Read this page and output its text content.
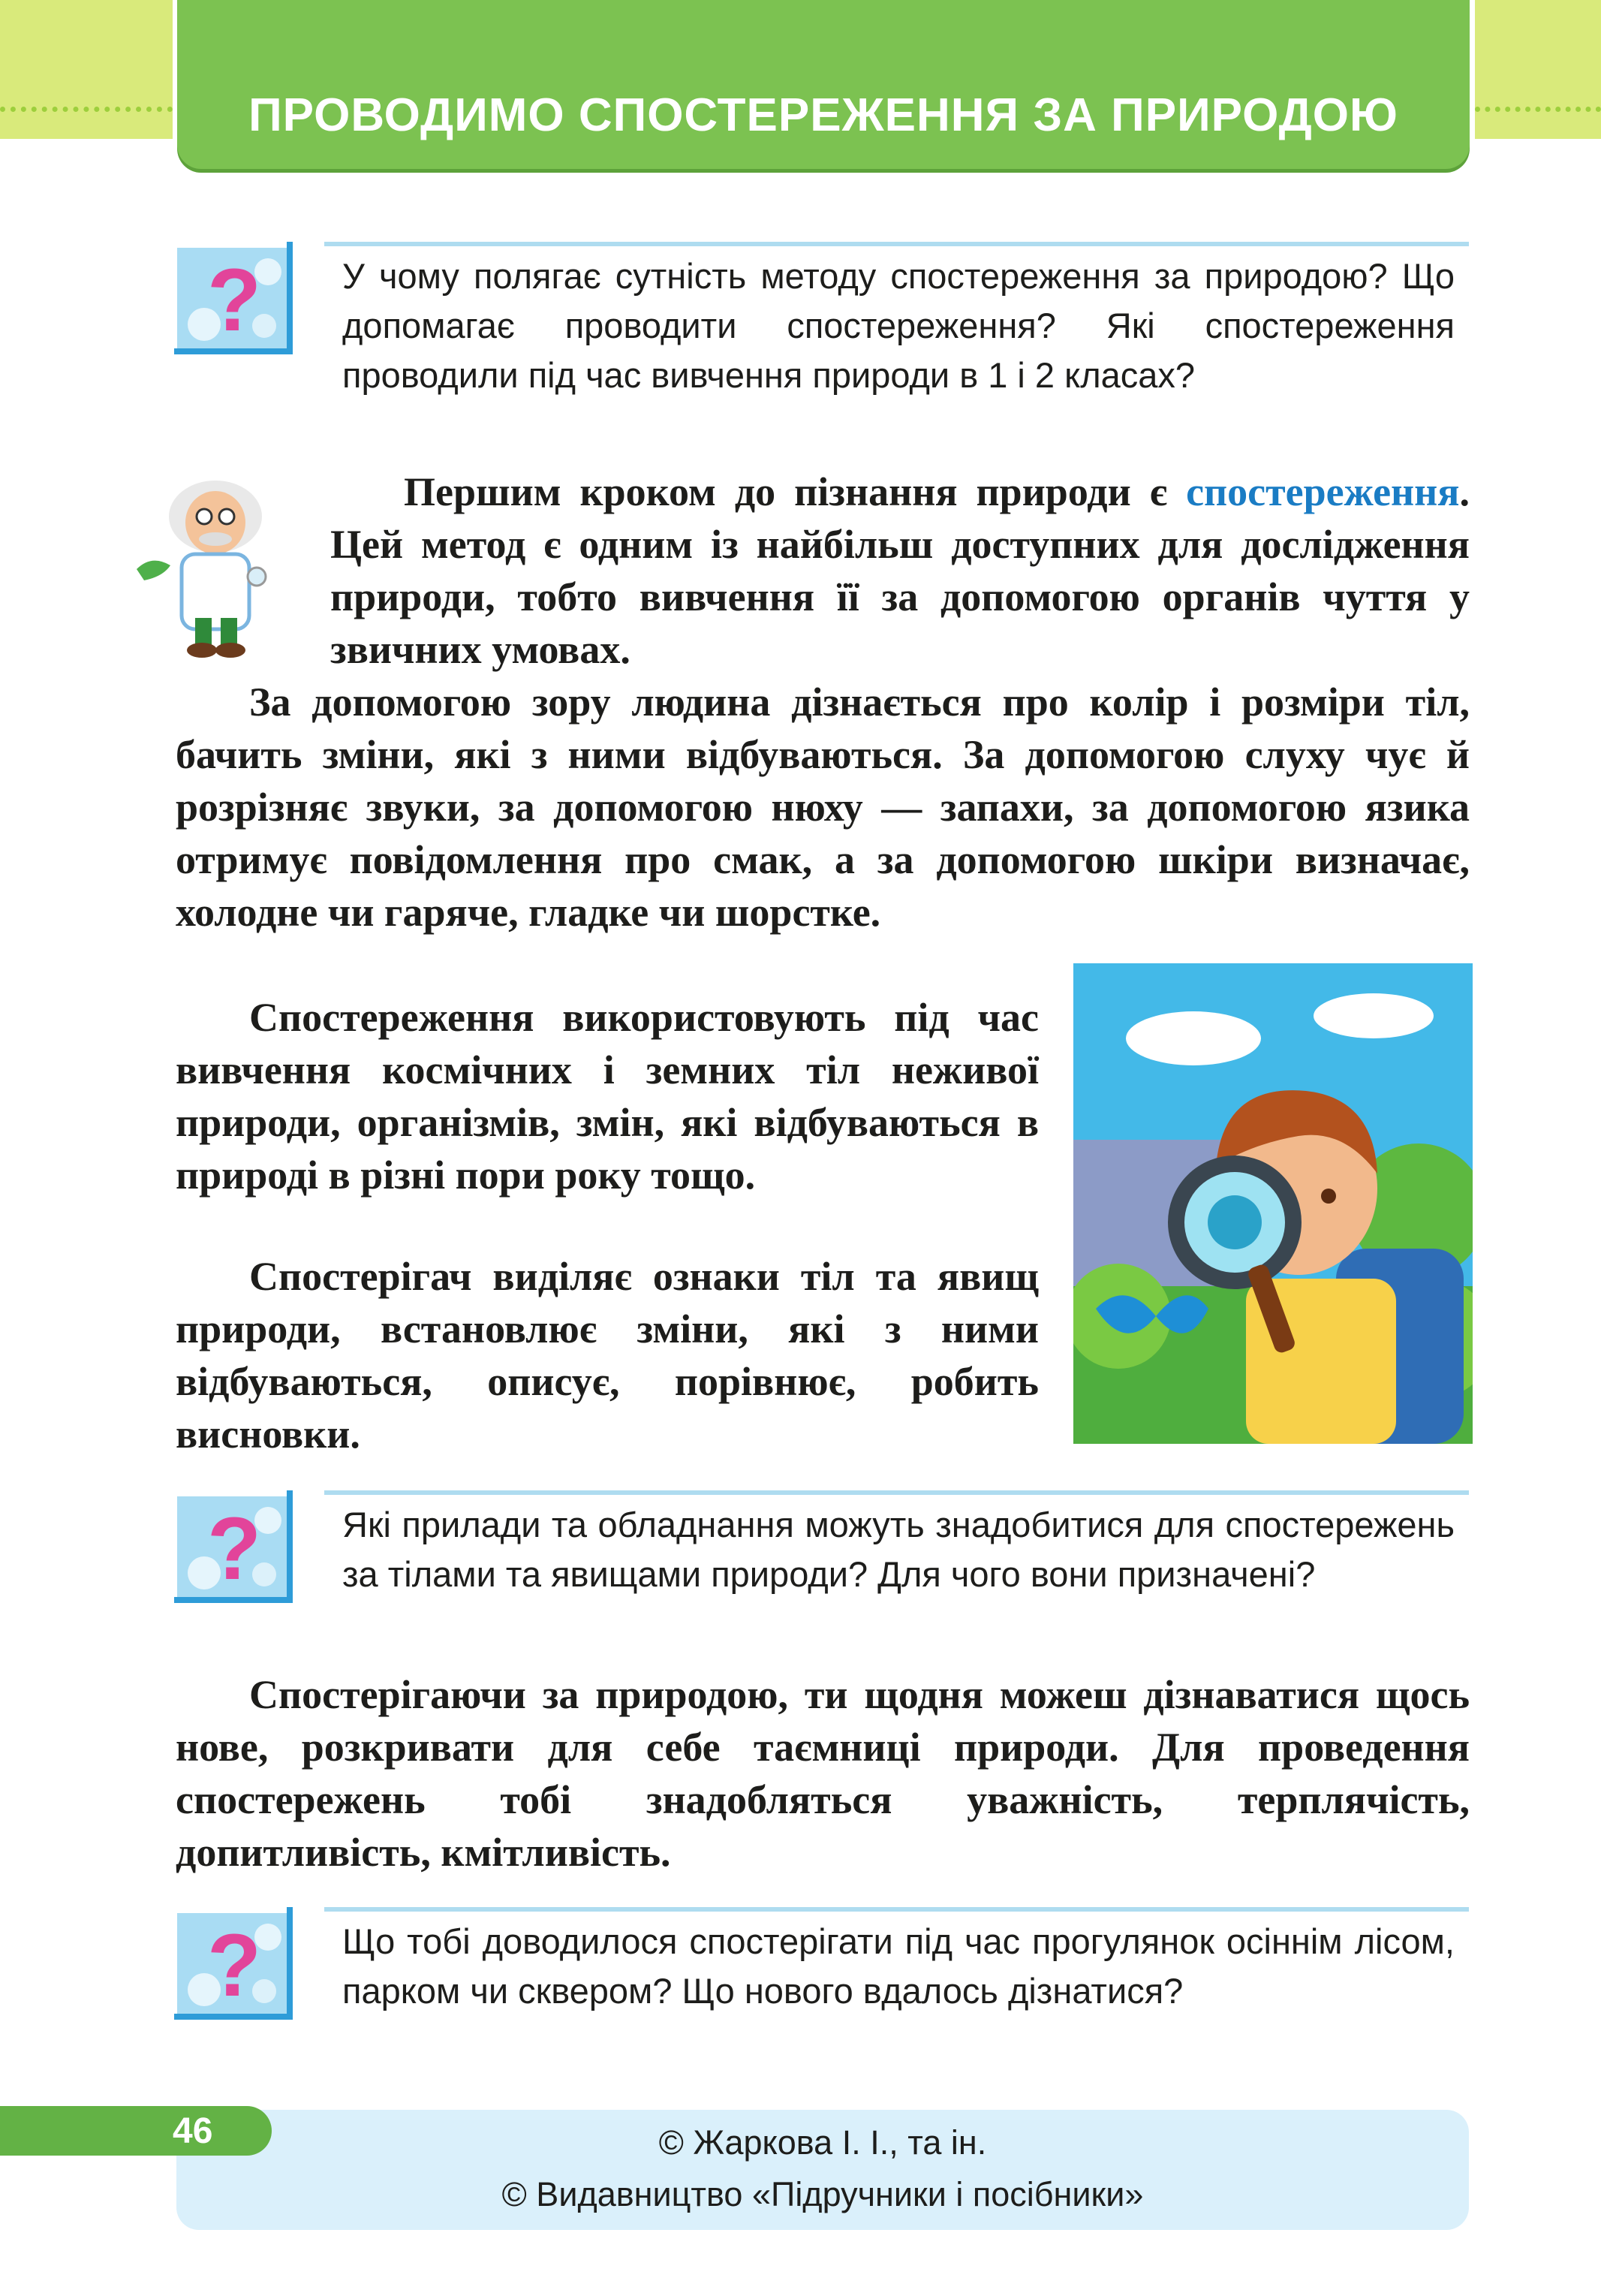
ПРОВОДИМО СПОСТЕРЕЖЕННЯ ЗА ПРИРОДОЮ
? У чому полягає сутність методу спостереження за природою? Що допомагає проводити спостереження? Які спостереження проводили під час вивчення природи в 1 і 2 класах?
Першим кроком до пізнання природи є спостереження. Цей метод є одним із найбільш доступних для дослідження природи, тобто вивчення її за допомогою органів чуття у звичних умовах.
За допомогою зору людина дізнається про колір і розміри тіл, бачить зміни, які з ними відбуваються. За допомогою слуху чує й розрізняє звуки, за допомогою нюху — запахи, за допомогою язика отримує повідомлення про смак, а за допомогою шкіри визначає, холодне чи гаряче, гладке чи шорстке.
Спостереження використовують під час вивчення космічних і земних тіл неживої природи, організмів, змін, які відбуваються в природі в різні пори року тощо.
Спостерігач виділяє ознаки тіл та явищ природи, встановлює зміни, які з ними відбуваються, описує, порівнює, робить висновки.
? Які прилади та обладнання можуть знадобитися для спостережень за тілами та явищами природи? Для чого вони призначені?
Спостерігаючи за природою, ти щодня можеш дізнаватися щось нове, розкривати для себе таємниці природи. Для проведення спостережень тобі знадобляться уважність, терплячість, допитливість, кмітливість.
? Що тобі доводилося спостерігати під час прогулянок осіннім лісом, парком чи сквером? Що нового вдалось дізнатися?
46	© Жаркова І. І., та ін.
© Видавництво «Підручники і посібники»
